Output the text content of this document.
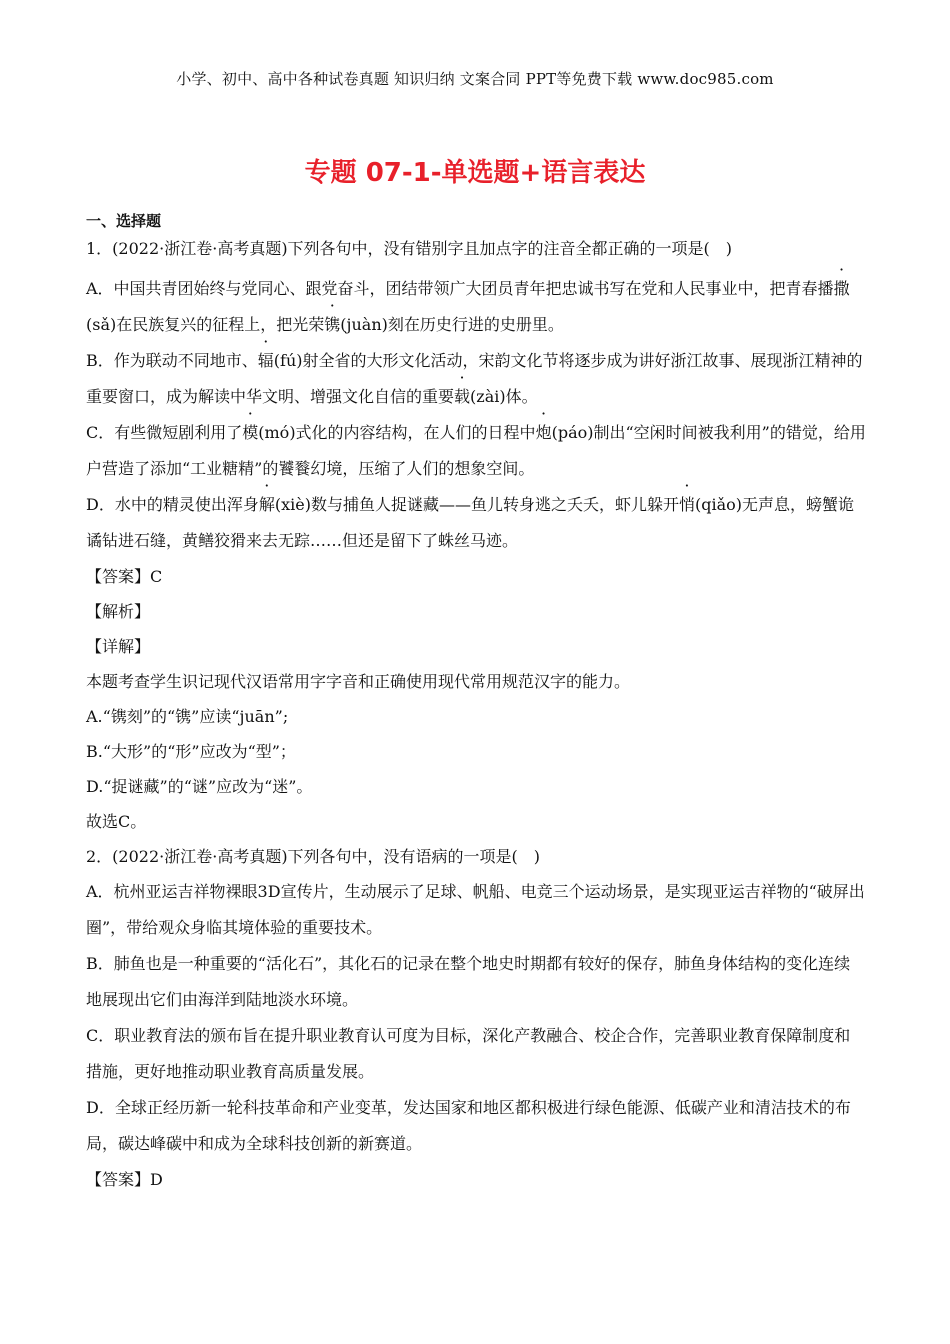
小学、初中、高中各种试卷真题 知识归纳 文案合同 PPT等免费下载 www.doc985.com
专题 07-1-单选题+语言表达

一、选择题

1．(2022·浙江卷·高考真题)下列各句中，没有错别字且加点字的注音全都正确的一项是(　)

A．中国共青团始终与党同心、跟党奋斗，团结带领广大团员青年把忠诚书写在党和人民事业中，把青春播撒(sǎ)在民族复兴的征程上，把光荣镌(juàn)刻在历史行进的史册里。

B．作为联动不同地市、辐(fú)射全省的大形文化活动，宋韵文化节将逐步成为讲好浙江故事、展现浙江精神的重要窗口，成为解读中华文明、增强文化自信的重要载(zài)体。

C．有些微短剧利用了模(mó)式化的内容结构，在人们的日程中炮(páo)制出“空闲时间被我利用”的错觉，给用户营造了添加“工业糖精”的饕餮幻境，压缩了人们的想象空间。

D．水中的精灵使出浑身解(xiè)数与捕鱼人捉谜藏——鱼儿转身逃之夭夭，虾儿躲开悄(qiǎo)无声息，螃蟹诡谲钻进石缝，黄鳝狡猾来去无踪……但还是留下了蛛丝马迹。

【答案】C

【解析】

【详解】

本题考查学生识记现代汉语常用字字音和正确使用现代常用规范汉字的能力。

A.“镌刻”的“镌”应读“juān”;

B.“大形”的“形”应改为“型”；

D.“捉谜藏”的“谜”应改为“迷”。

故选C。

2．(2022·浙江卷·高考真题)下列各句中，没有语病的一项是(　)

A．杭州亚运吉祥物裸眼3D宣传片，生动展示了足球、帆船、电竞三个运动场景，是实现亚运吉祥物的“破屏出圈”，带给观众身临其境体验的重要技术。

B．肺鱼也是一种重要的“活化石”，其化石的记录在整个地史时期都有较好的保存，肺鱼身体结构的变化连续地展现出它们由海洋到陆地淡水环境。

C．职业教育法的颁布旨在提升职业教育认可度为目标，深化产教融合、校企合作，完善职业教育保障制度和措施，更好地推动职业教育高质量发展。

D．全球正经历新一轮科技革命和产业变革，发达国家和地区都积极进行绿色能源、低碳产业和清洁技术的布局，碳达峰碳中和成为全球科技创新的新赛道。

【答案】D
